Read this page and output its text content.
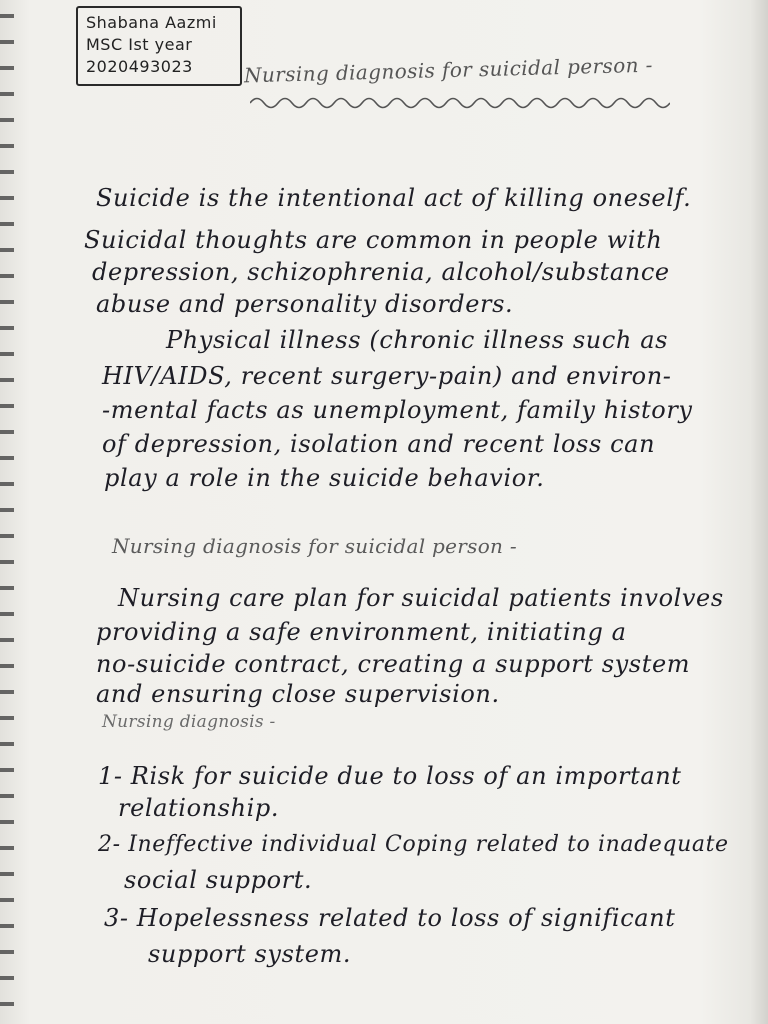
Shabana Aazmi
MSC Ist year
2020493023	Nursing diagnosis for suicidal person -
Suicide is the intentional act of killing oneself.
Suicidal thoughts are common in people with
depression, schizophrenia, alcohol/substance
abuse and personality disorders.
Physical illness (chronic illness such as
HIV/AIDS, recent surgery-pain) and environ-
-mental facts as unemployment, family history
of depression, isolation and recent loss can
play a role in the suicide behavior.
Nursing diagnosis for suicidal person -
Nursing care plan for suicidal patients involves
providing a safe environment, initiating a
no-suicide contract, creating a support system
and ensuring close supervision.
Nursing diagnosis -
1- Risk for suicide due to loss of an important
relationship.
2- Ineffective individual Coping related to inadequate
social support.
3- Hopelessness related to loss of significant
support system.
